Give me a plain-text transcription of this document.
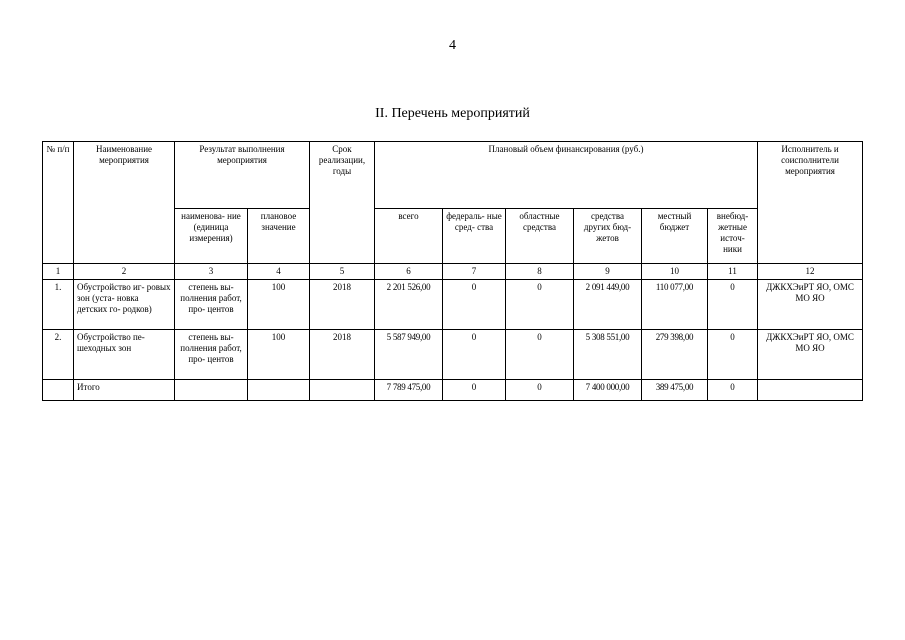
4
II. Перечень мероприятий
№ п/п	Наименование мероприятия	Результат выполнения мероприятия		Срок реализации, годы	Плановый объем финансирования (руб.)						Исполнитель и соисполнители мероприятия
		наименова- ние (единица измерения)	плановое значение		всего	федераль- ные сред- ства	областные средства	средства других бюд- жетов	местный бюджет	внебюд- жетные источ- ники	
1	2	3	4	5	6	7	8	9	10	11	12
1.	Обустройство иг- ровых зон (уста- новка детских го- родков)	степень вы- полнения работ, про- центов	100	2018	2 201 526,00	0	0	2 091 449,00	110 077,00	0	ДЖКХЭиРТ ЯО, ОМС МО ЯО
2.	Обустройство пе- шеходных зон	степень вы- полнения работ, про- центов	100	2018	5 587 949,00	0	0	5 308 551,00	279 398,00	0	ДЖКХЭиРТ ЯО, ОМС МО ЯО
	Итого				7 789 475,00	0	0	7 400 000,00	389 475,00	0	
